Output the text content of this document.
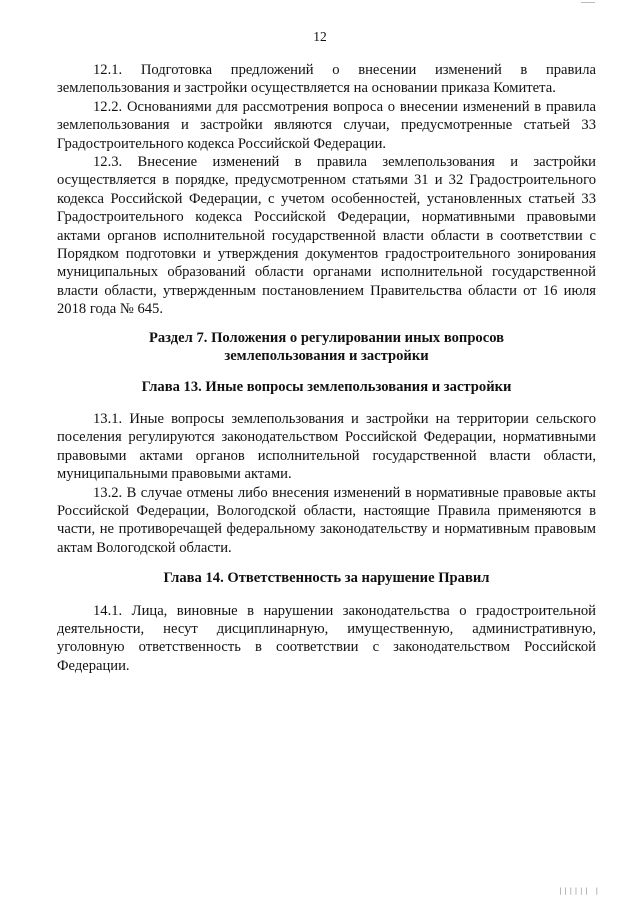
12

12.1. Подготовка предложений о внесении изменений в правила землепользования и застройки осуществляется на основании приказа Комитета.

12.2. Основаниями для рассмотрения вопроса о внесении изменений в правила землепользования и застройки являются случаи, предусмотренные статьей 33 Градостроительного кодекса Российской Федерации.

12.3. Внесение изменений в правила землепользования и застройки осуществляется в порядке, предусмотренном статьями 31 и 32 Градостроительного кодекса Российской Федерации, с учетом особенностей, установленных статьей 33 Градостроительного кодекса Российской Федерации, нормативными правовыми актами органов исполнительной государственной власти области в соответствии с Порядком подготовки и утверждения документов градостроительного зонирования муниципальных образований области органами исполнительной государственной власти области, утвержденным постановлением Правительства области от 16 июля 2018 года № 645.

Раздел 7. Положения о регулировании иных вопросов

землепользования и застройки

Глава 13. Иные вопросы землепользования и застройки

13.1. Иные вопросы землепользования и застройки на территории сельского поселения регулируются законодательством Российской Федерации, нормативными правовыми актами органов исполнительной государственной власти области, муниципальными правовыми актами.

13.2. В случае отмены либо внесения изменений в нормативные правовые акты Российской Федерации, Вологодской области, настоящие Правила применяются в части, не противоречащей федеральному законодательству и нормативным правовым актам Вологодской области.

Глава 14. Ответственность за нарушение Правил

14.1. Лица, виновные в нарушении законодательства о градостроительной деятельности, несут дисциплинарную, имущественную, административную, уголовную ответственность в соответствии с законодательством Российской Федерации.

|||||| |
